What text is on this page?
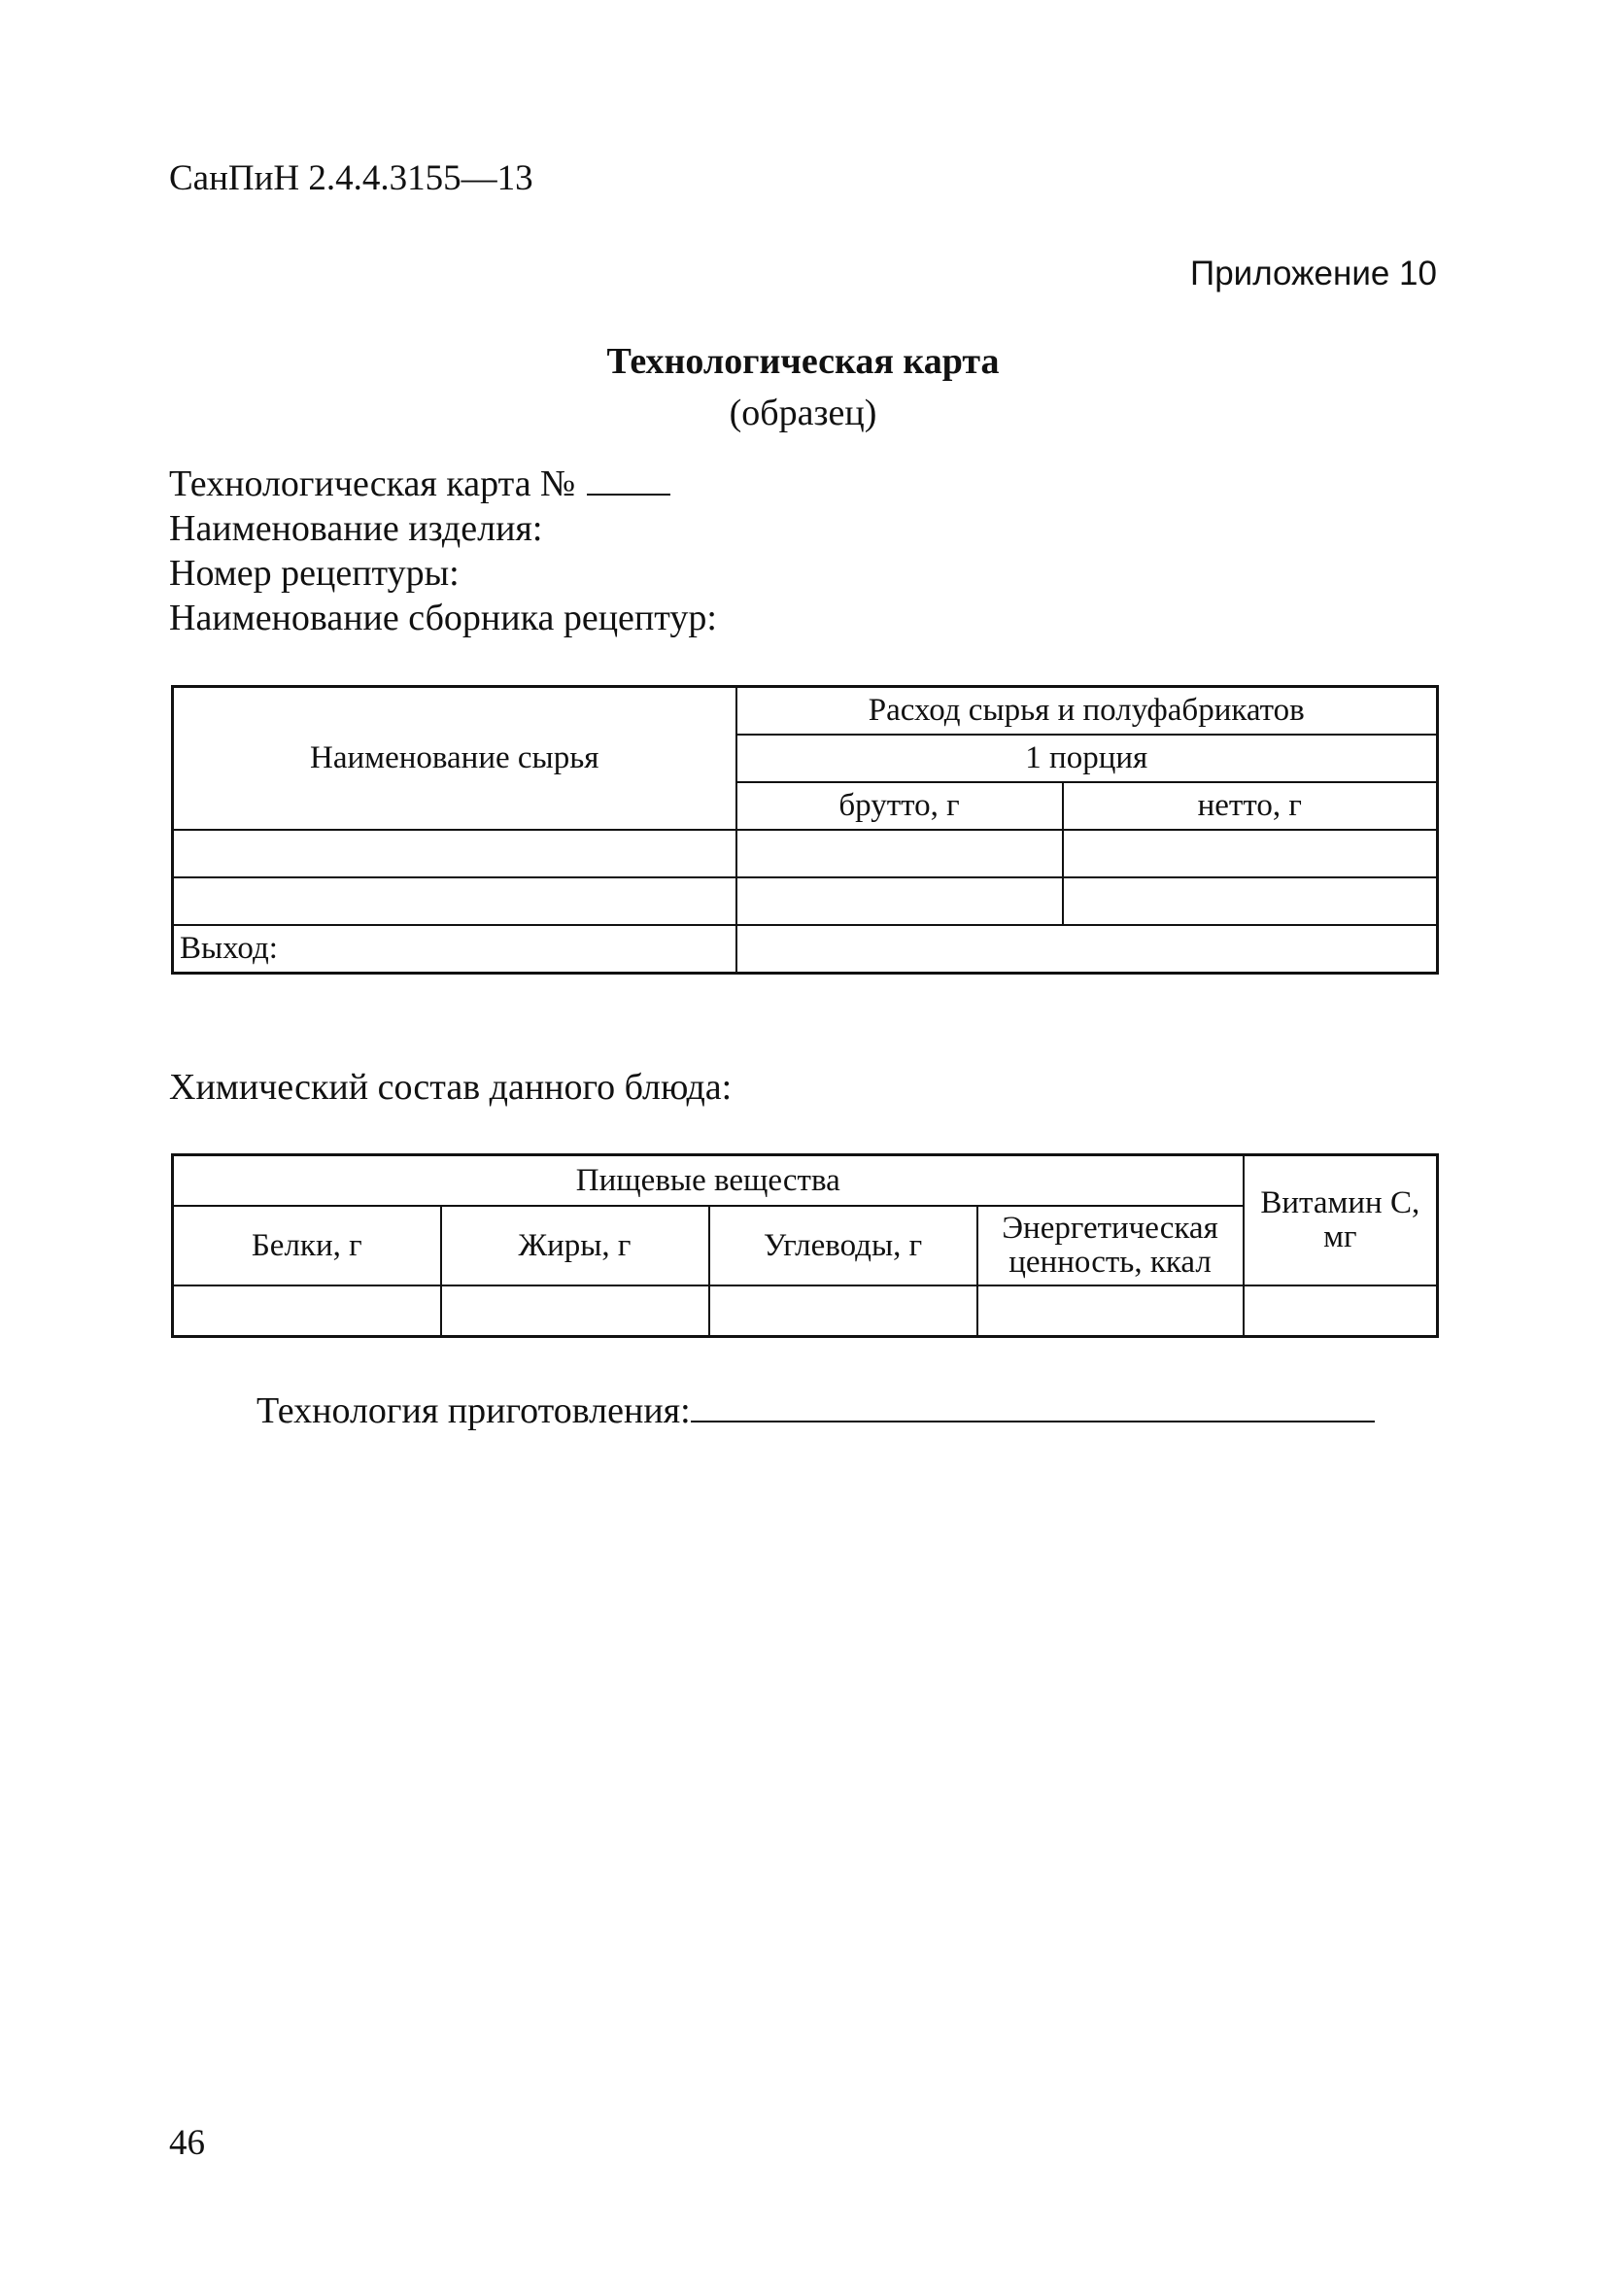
СанПиН 2.4.4.3155—13
Приложение 10
Технологическая карта
(образец)
Технологическая карта №
Наименование изделия:
Номер рецептуры:
Наименование сборника рецептур:
Наименование сырья	Расход сырья и полуфабрикатов	
	1 порция	
	брутто, г	нетто, г

Выход:		
Химический состав данного блюда:
Пищевые вещества				Витамин С, мг
Белки, г	Жиры, г	Углеводы, г	Энергетическая ценность, ккал	

Технология приготовления:
46
